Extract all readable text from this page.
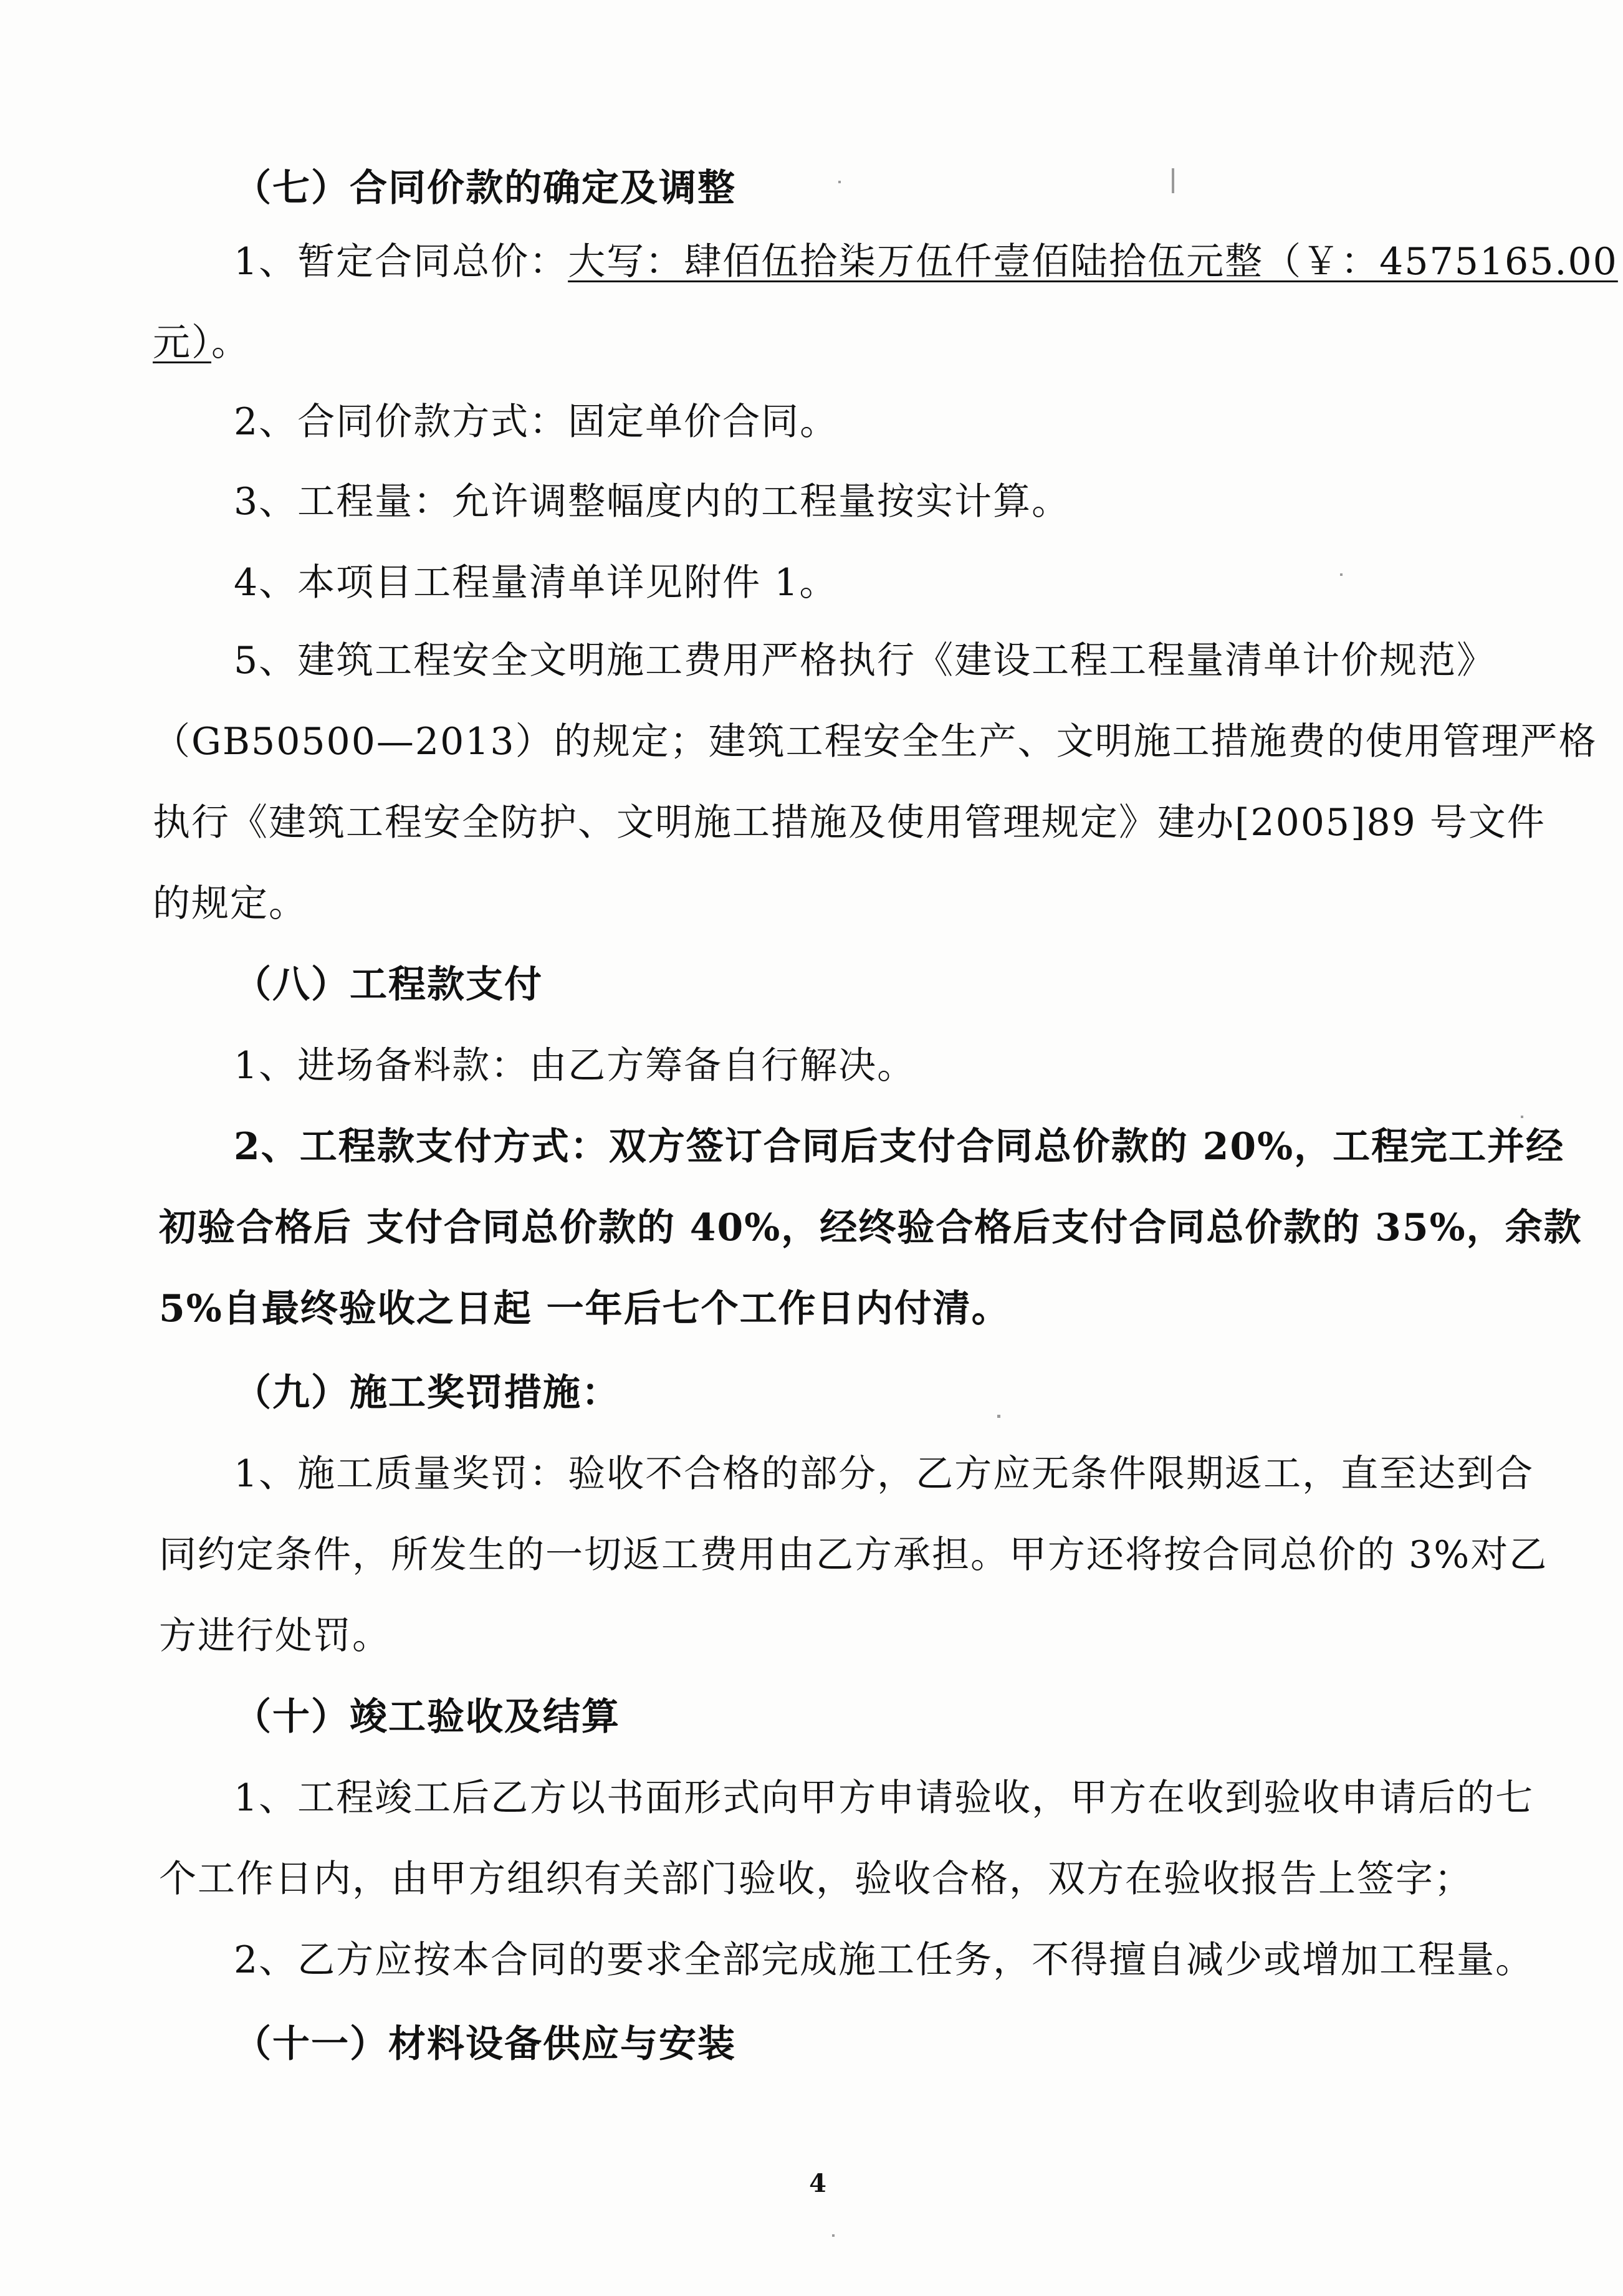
（七）合同价款的确定及调整
1、暂定合同总价：大写：肆佰伍拾柒万伍仟壹佰陆拾伍元整（￥：4575165.00
元）。
2、合同价款方式：固定单价合同。
3、工程量：允许调整幅度内的工程量按实计算。
4、本项目工程量清单详见附件 1。
5、建筑工程安全文明施工费用严格执行《建设工程工程量清单计价规范》
（GB50500—2013）的规定；建筑工程安全生产、文明施工措施费的使用管理严格
执行《建筑工程安全防护、文明施工措施及使用管理规定》建办[2005]89 号文件
的规定。
（八）工程款支付
1、进场备料款：由乙方筹备自行解决。
2、工程款支付方式：双方签订合同后支付合同总价款的 20%，工程完工并经
初验合格后 支付合同总价款的 40%，经终验合格后支付合同总价款的 35%，余款
5%自最终验收之日起 一年后七个工作日内付清。
（九）施工奖罚措施：
1、施工质量奖罚：验收不合格的部分，乙方应无条件限期返工，直至达到合
同约定条件，所发生的一切返工费用由乙方承担。甲方还将按合同总价的 3%对乙
方进行处罚。
（十）竣工验收及结算
1、工程竣工后乙方以书面形式向甲方申请验收，甲方在收到验收申请后的七
个工作日内，由甲方组织有关部门验收，验收合格，双方在验收报告上签字；
2、乙方应按本合同的要求全部完成施工任务，不得擅自减少或增加工程量。
（十一）材料设备供应与安装
4
